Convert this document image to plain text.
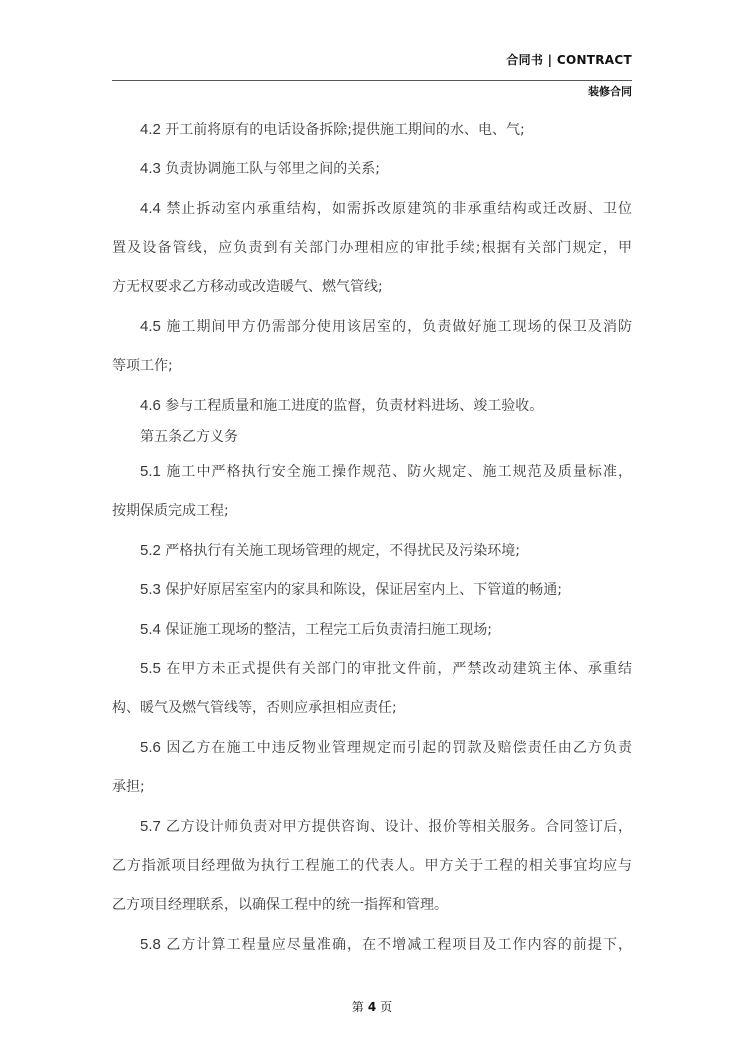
合同书 | CONTRACT
装修合同
4.2 开工前将原有的电话设备拆除;提供施工期间的水、电、气;
4.3 负责协调施工队与邻里之间的关系;
4.4 禁止拆动室内承重结构，如需拆改原建筑的非承重结构或迁改厨、卫位
置及设备管线，应负责到有关部门办理相应的审批手续;根据有关部门规定，甲
方无权要求乙方移动或改造暖气、燃气管线;
4.5 施工期间甲方仍需部分使用该居室的，负责做好施工现场的保卫及消防
等项工作;
4.6 参与工程质量和施工进度的监督，负责材料进场、竣工验收。
第五条乙方义务
5.1 施工中严格执行安全施工操作规范、防火规定、施工规范及质量标准，
按期保质完成工程;
5.2 严格执行有关施工现场管理的规定，不得扰民及污染环境;
5.3 保护好原居室室内的家具和陈设，保证居室内上、下管道的畅通;
5.4 保证施工现场的整洁，工程完工后负责清扫施工现场;
5.5 在甲方未正式提供有关部门的审批文件前，严禁改动建筑主体、承重结
构、暖气及燃气管线等，否则应承担相应责任;
5.6 因乙方在施工中违反物业管理规定而引起的罚款及赔偿责任由乙方负责
承担;
5.7 乙方设计师负责对甲方提供咨询、设计、报价等相关服务。合同签订后，
乙方指派项目经理做为执行工程施工的代表人。甲方关于工程的相关事宜均应与
乙方项目经理联系，以确保工程中的统一指挥和管理。
5.8 乙方计算工程量应尽量准确，在不增减工程项目及工作内容的前提下，
第 4 页
